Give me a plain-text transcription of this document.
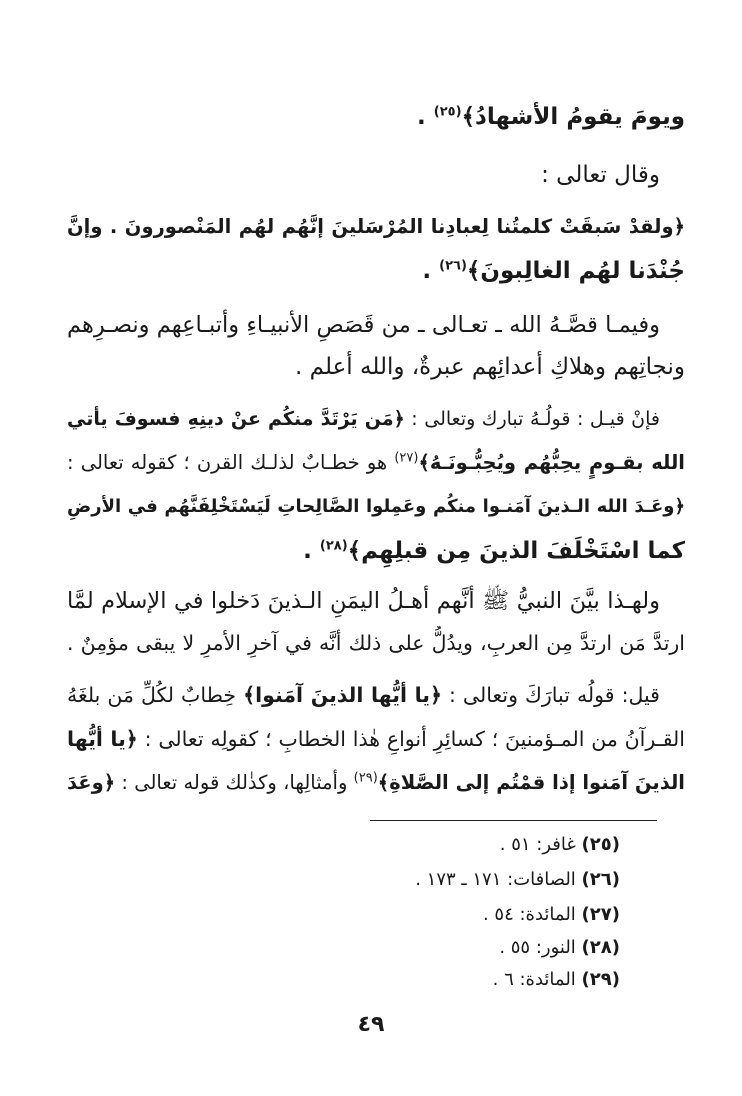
ويومَ يقومُ الأشهادُ﴾$^{(٢٥)}$ .
وقال تعالى :
﴿ولقدْ سَبقَتْ كلمتُنا لِعبادِنا المُرْسَلينَ إنَّهُم لهُم المَنْصورونَ . وإنَّ
جُنْدَنا لهُم الغالِبونَ﴾$^{(٢٦)}$ .
وفيمـا قصَّـهُ الله ـ تعـالى ـ من قَصَصِ الأنبيـاءِ وأتبـاعِهم ونصـرِهم
ونجاتِهم وهلاكِ أعدائِهم عبرةٌ، والله أعلم .
فإنْ قيـل : قولُـهُ تبارك وتعالى : ﴿مَن يَرْتَدَّ منكُم عنْ دينِهِ فسوفَ يأتي
الله بقـومٍ يحِبُّهُم ويُحِبُّـونَـهُ﴾$^{(٢٧)}$ هو خطـابٌ لذلـك القرن ؛ كقوله تعالى :
﴿وعَـدَ الله الـذينَ آمَنـوا منكُم وعَمِلوا الصَّالِحاتِ لَيَسْتَخْلِفَنَّهُم في الأرضِ
كما اسْتَخْلَفَ الذينَ مِن قبلِهِم﴾$^{(٢٨)}$ .
ولهـذا بيَّنَ النبيُّ ﷺ أنَّهم أهـلُ اليمَنِ الـذينَ دَخلوا في الإسلام لمَّا
ارتدَّ مَن ارتدَّ مِن العربِ، ويدُلُّ على ذلك أنَّه في آخرِ الأمرِ لا يبقى مؤمِنٌ .
قيل: قولُه تبارَكَ وتعالى : ﴿يا أيُّها الذينَ آمَنوا﴾ خِطابٌ لكُلِّ مَن بلغَهُ
القـرآنُ من المـؤمنينَ ؛ كسائِرِ أنواعِ هٰذا الخطابِ ؛ كقولِه تعالى : ﴿يا أيُّها
الذينَ آمَنوا إذا قمْتُم إلى الصَّلاةِ﴾$^{(٢٩)}$ وأمثالِها، وكذٰلك قوله تعالى : ﴿وعَدَ
(٢٥) غافر: ٥١ .
(٢٦) الصافات: ١٧١ ـ ١٧٣ .
(٢٧) المائدة: ٥٤ .
(٢٨) النور: ٥٥ .
(٢٩) المائدة: ٦ .
٤٩
